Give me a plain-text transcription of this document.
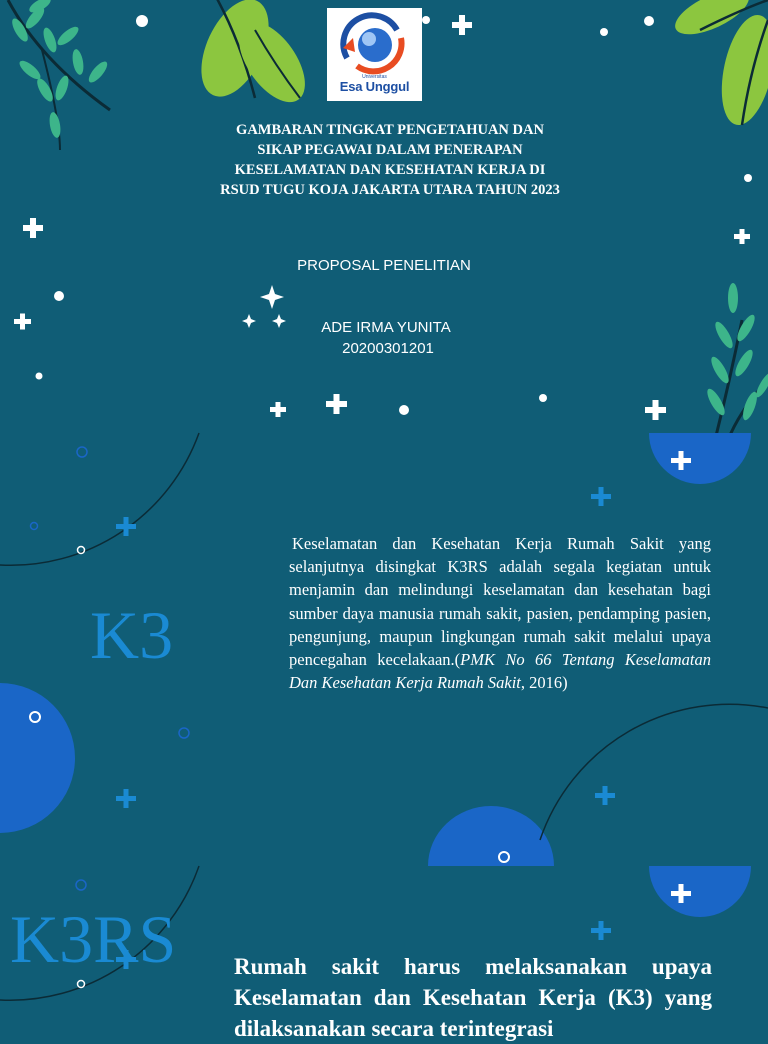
Universitas
Esa Unggul
GAMBARAN TINGKAT PENGETAHUAN DAN
SIKAP PEGAWAI DALAM PENERAPAN
KESELAMATAN DAN KESEHATAN KERJA DI
RSUD TUGU KOJA JAKARTA UTARA TAHUN 2023
PROPOSAL PENELITIAN
ADE IRMA YUNITA
20200301201
K3
Keselamatan dan Kesehatan Kerja Rumah Sakit yang selanjutnya disingkat K3RS adalah segala kegiatan untuk menjamin dan melindungi keselamatan dan kesehatan bagi sumber daya manusia rumah sakit, pasien, pendamping pasien, pengunjung, maupun lingkungan rumah sakit melalui upaya pencegahan kecelakaan.(PMK No 66 Tentang Keselamatan Dan Kesehatan Kerja Rumah Sakit, 2016)
K3RS	Rumah sakit harus melaksanakan upaya Keselamatan dan Kesehatan Kerja (K3) yang dilaksanakan secara terintegrasi
